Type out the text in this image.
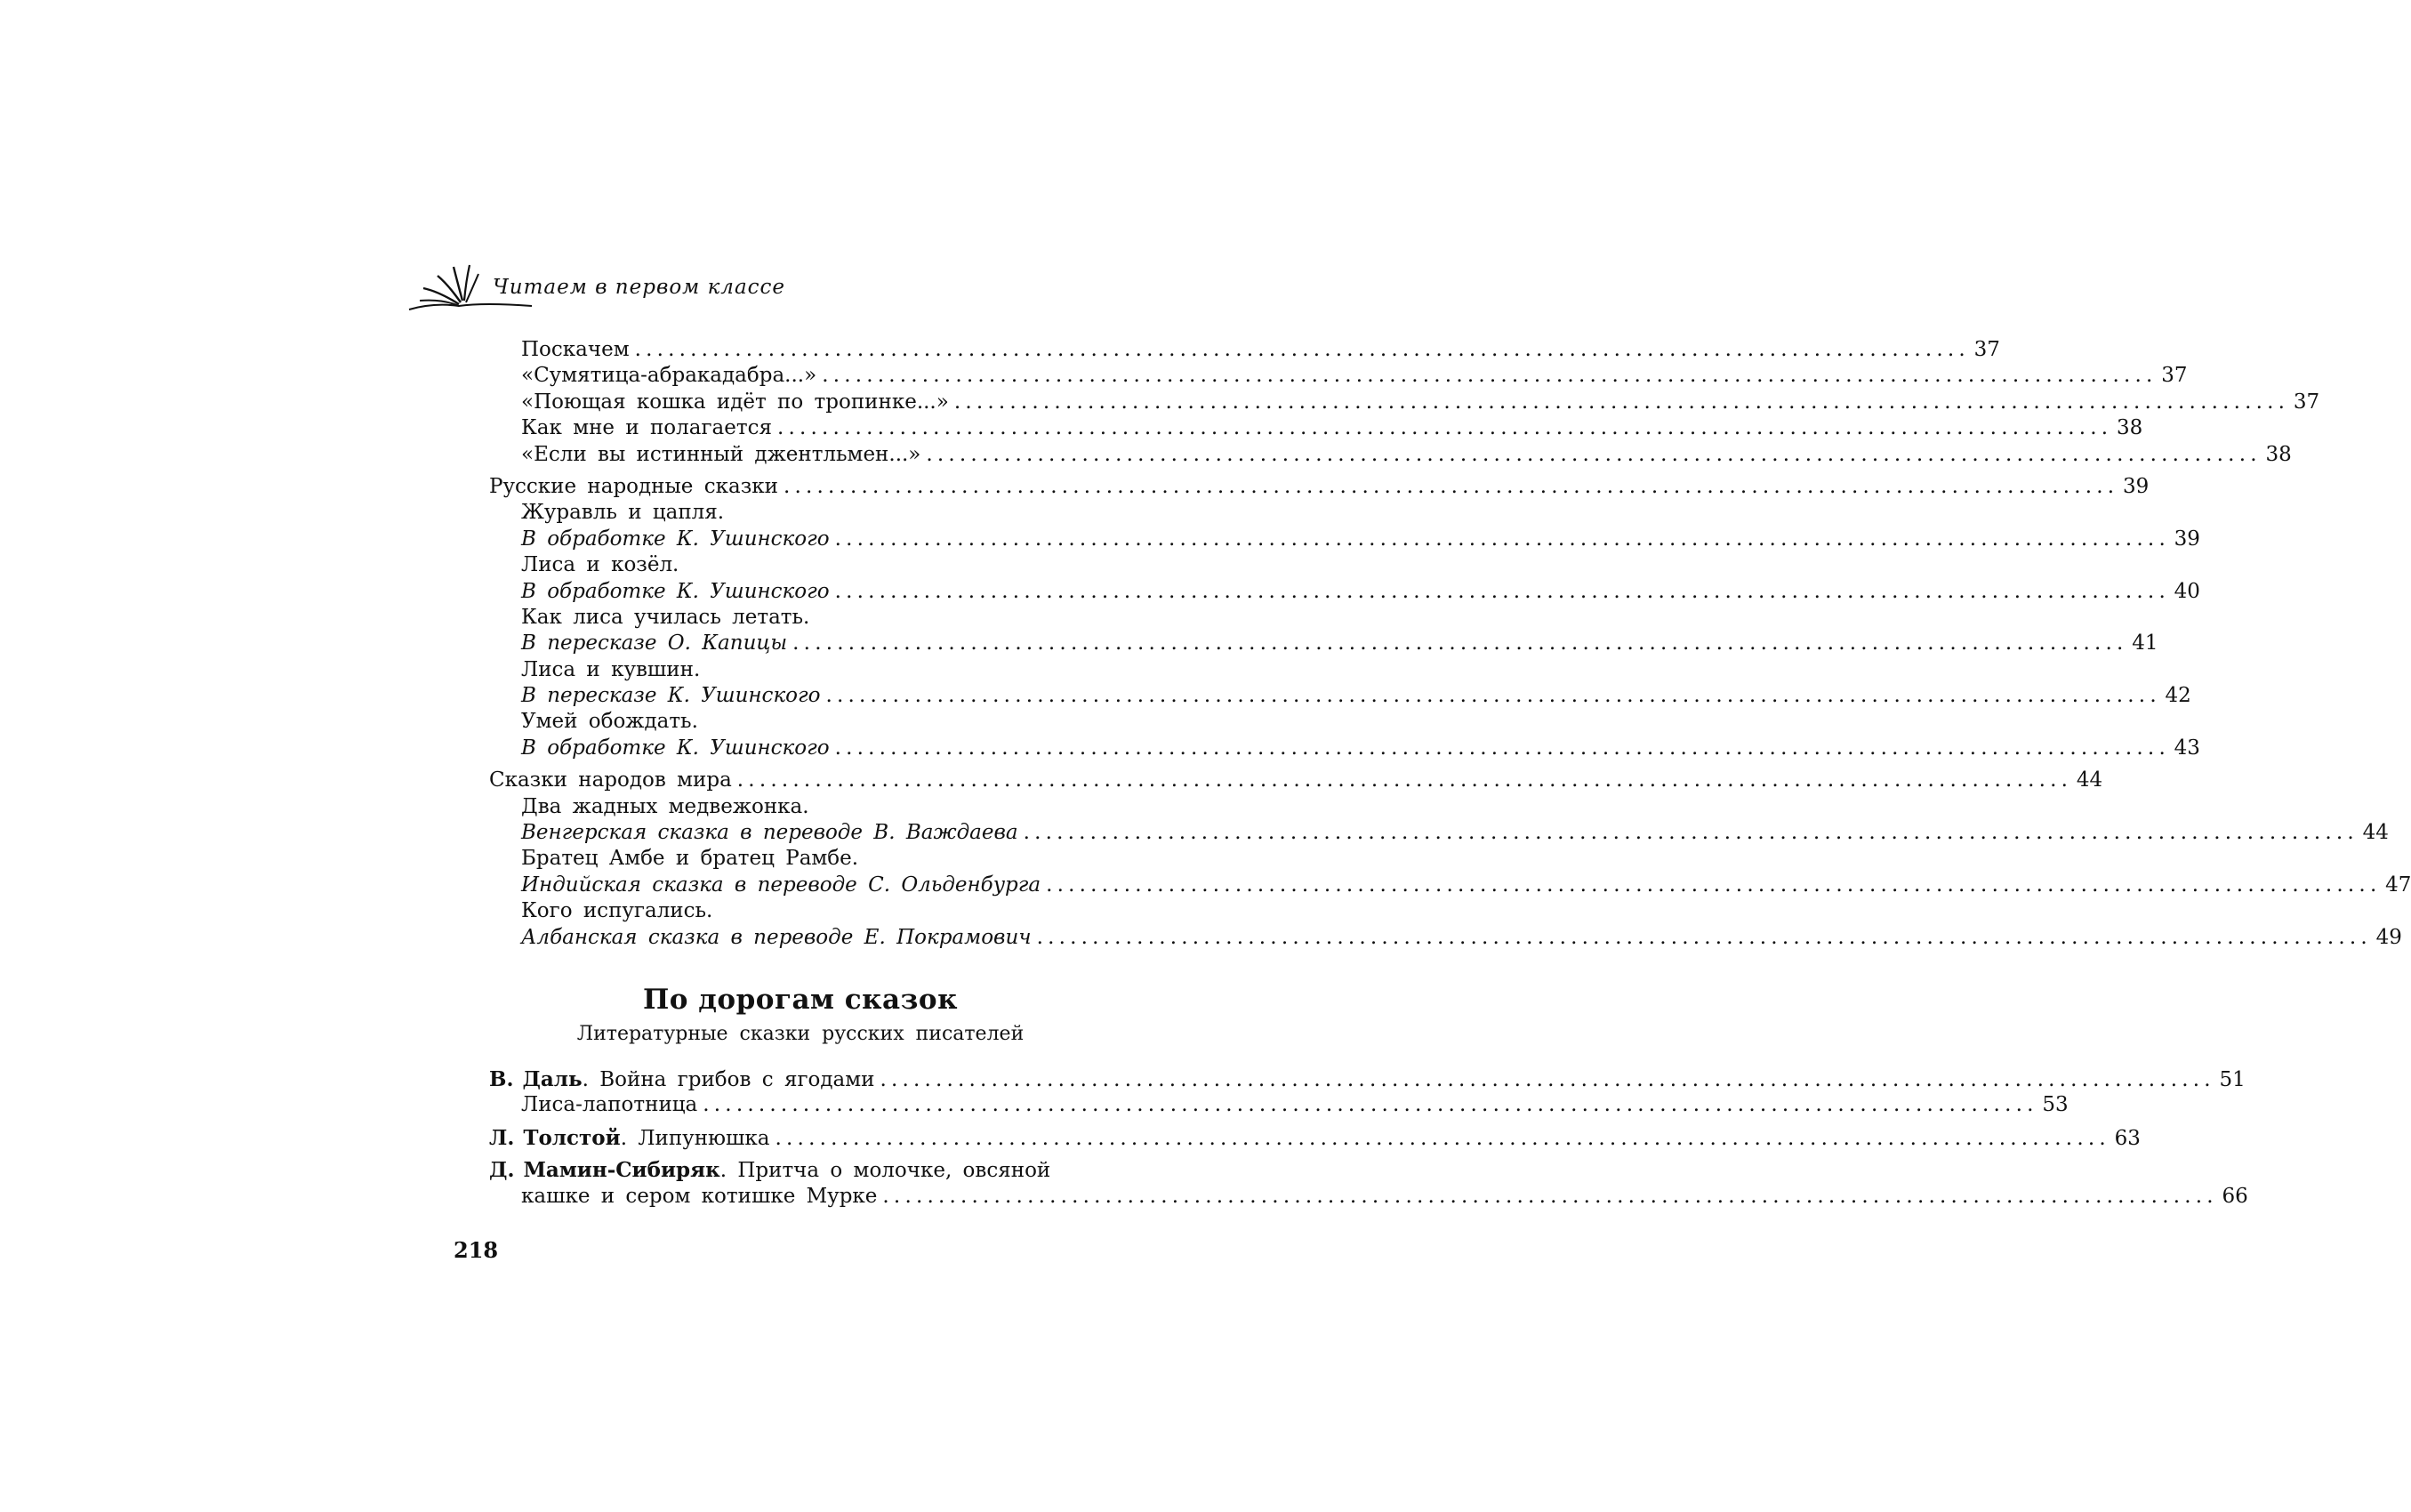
Читаем в первом классе
Поскачем ........................................................................................................................ 37
«Сумятица-абракадабра...» ........................................................................................................................ 37
«Поющая кошка идёт по тропинке...» ........................................................................................................................ 37
Как мне и полагается ........................................................................................................................ 38
«Если вы истинный джентльмен...» ........................................................................................................................ 38
Русские народные сказки ........................................................................................................................ 39
Журавль и цапля.
В обработке К. Ушинского ........................................................................................................................ 39
Лиса и козёл.
В обработке К. Ушинского ........................................................................................................................ 40
Как лиса училась летать.
В пересказе О. Капицы ........................................................................................................................ 41
Лиса и кувшин.
В пересказе К. Ушинского ........................................................................................................................ 42
Умей обождать.
В обработке К. Ушинского ........................................................................................................................ 43
Сказки народов мира ........................................................................................................................ 44
Два жадных медвежонка.
Венгерская сказка в переводе В. Важдаева ........................................................................................................................ 44
Братец Амбе и братец Рамбе.
Индийская сказка в переводе С. Ольденбурга ........................................................................................................................ 47
Кого испугались.
Албанская сказка в переводе Е. Покрамович ........................................................................................................................ 49
По дорогам сказок
Литературные сказки русских писателей
В. Даль. Война грибов с ягодами ........................................................................................................................ 51
Лиса-лапотница ........................................................................................................................ 53
Л. Толстой. Липунюшка ........................................................................................................................ 63
Д. Мамин-Сибиряк. Притча о молочке, овсяной
кашке и сером котишке Мурке ........................................................................................................................ 66
218
